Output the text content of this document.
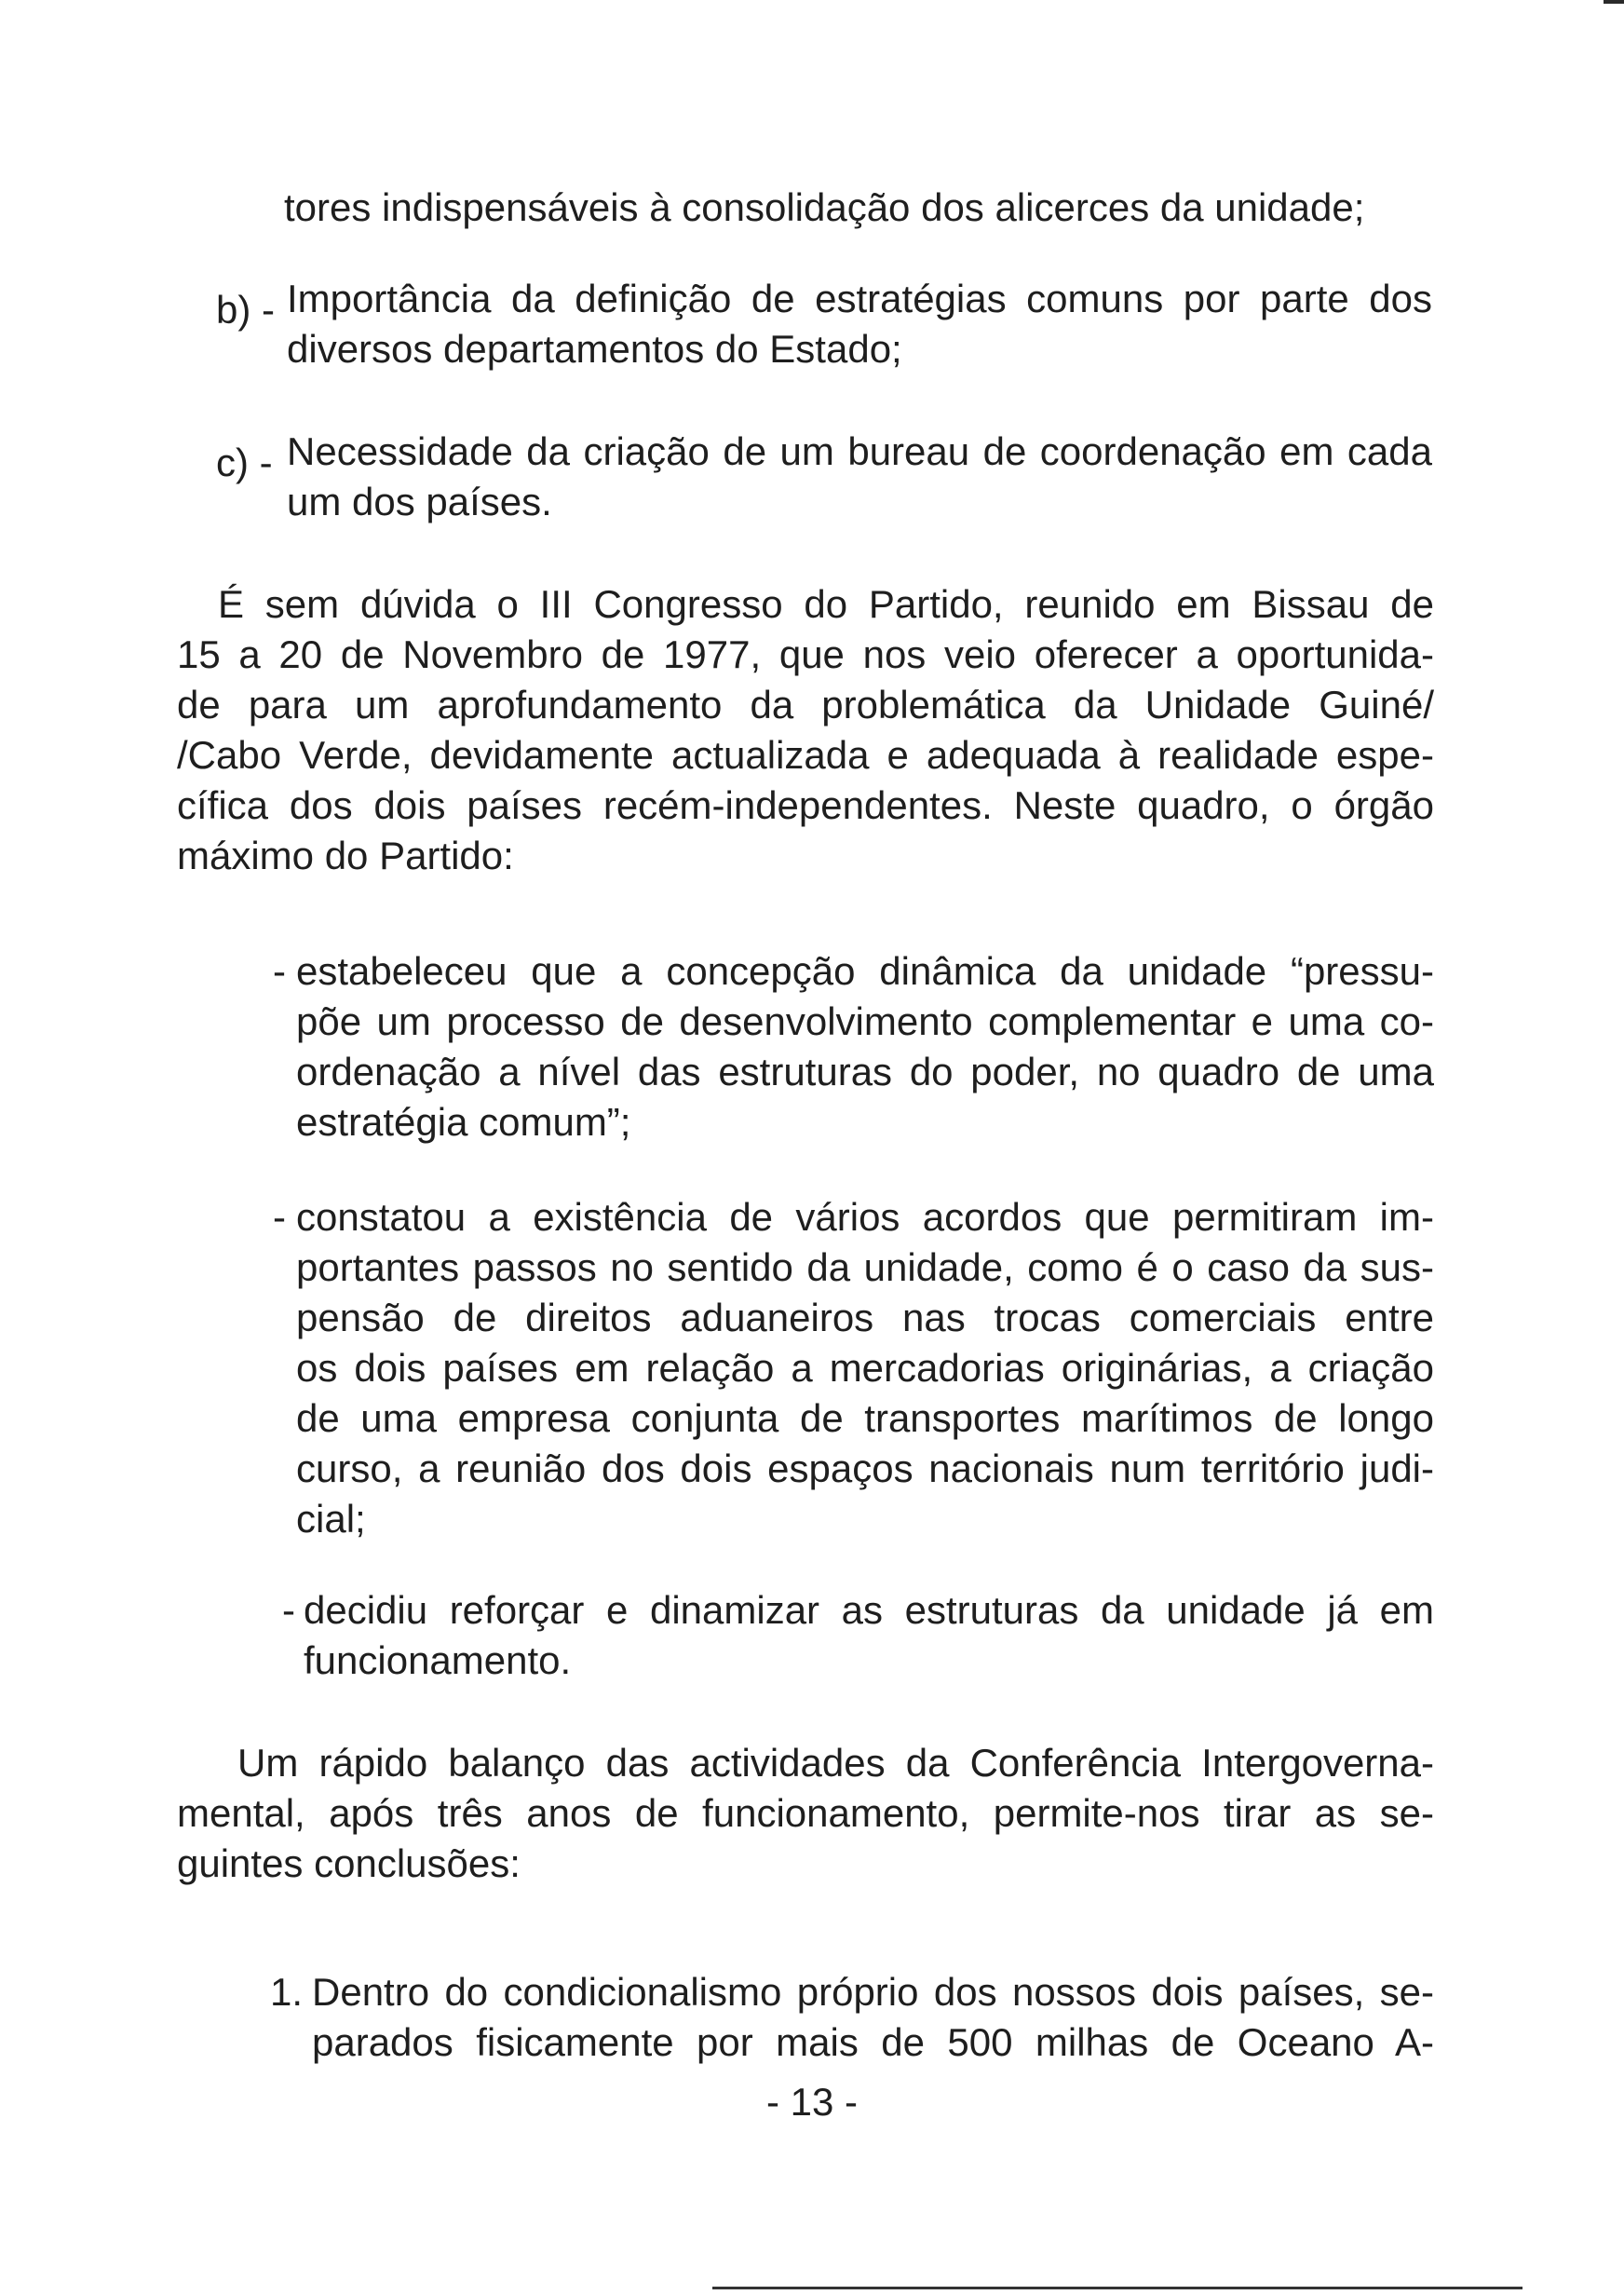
tores indispensáveis à consolidação dos alicerces da unidade;
b) - Importância da definição de estratégias comuns por parte dos
diversos departamentos do Estado;
c) - Necessidade da criação de um bureau de coordenação em cada
um dos países.
É sem dúvida o III Congresso do Partido, reunido em Bissau de
15 a 20 de Novembro de 1977, que nos veio oferecer a oportunida-
de para um aprofundamento da problemática da Unidade Guiné/
/Cabo Verde, devidamente actualizada e adequada à realidade espe-
cífica dos dois países recém-independentes. Neste quadro, o órgão
máximo do Partido:
- estabeleceu que a concepção dinâmica da unidade “pressu-
põe um processo de desenvolvimento complementar e uma co-
ordenação a nível das estruturas do poder, no quadro de uma
estratégia comum”;
- constatou a existência de vários acordos que permitiram im-
portantes passos no sentido da unidade, como é o caso da sus-
pensão de direitos aduaneiros nas trocas comerciais entre
os dois países em relação a mercadorias originárias, a criação
de uma empresa conjunta de transportes marítimos de longo
curso, a reunião dos dois espaços nacionais num território judi-
cial;
- decidiu reforçar e dinamizar as estruturas da unidade já em
funcionamento.
Um rápido balanço das actividades da Conferência Intergoverna-
mental, após três anos de funcionamento, permite-nos tirar as se-
guintes conclusões:
1. Dentro do condicionalismo próprio dos nossos dois países, se-
parados fisicamente por mais de 500 milhas de Oceano A-
- 13 -
